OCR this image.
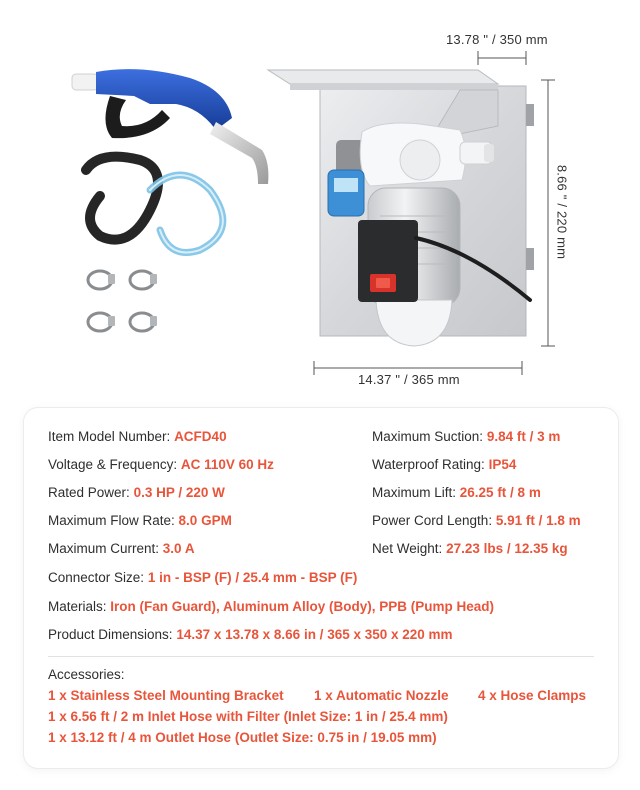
13.78 " / 350 mm
8.66 " / 220 mm
14.37 " / 365 mm
Item Model Number: ACFD40
Voltage & Frequency: AC 110V 60 Hz
Rated Power: 0.3 HP / 220 W
Maximum Flow Rate: 8.0 GPM
Maximum Current: 3.0 A
Maximum Suction: 9.84 ft / 3 m
Waterproof Rating: IP54
Maximum Lift: 26.25 ft / 8 m
Power Cord Length: 5.91 ft / 1.8 m
Net Weight: 27.23 lbs / 12.35 kg
Connector Size: 1 in - BSP (F) / 25.4 mm - BSP (F)
Materials: Iron (Fan Guard), Aluminum Alloy (Body), PPB (Pump Head)
Product Dimensions: 14.37 x 13.78 x 8.66 in / 365 x 350 x 220 mm
Accessories:
1 x Stainless Steel Mounting Bracket 1 x Automatic Nozzle 4 x Hose Clamps
1 x 6.56 ft / 2 m Inlet Hose with Filter (Inlet Size: 1 in / 25.4 mm)
1 x 13.12 ft / 4 m Outlet Hose (Outlet Size: 0.75 in / 19.05 mm)
